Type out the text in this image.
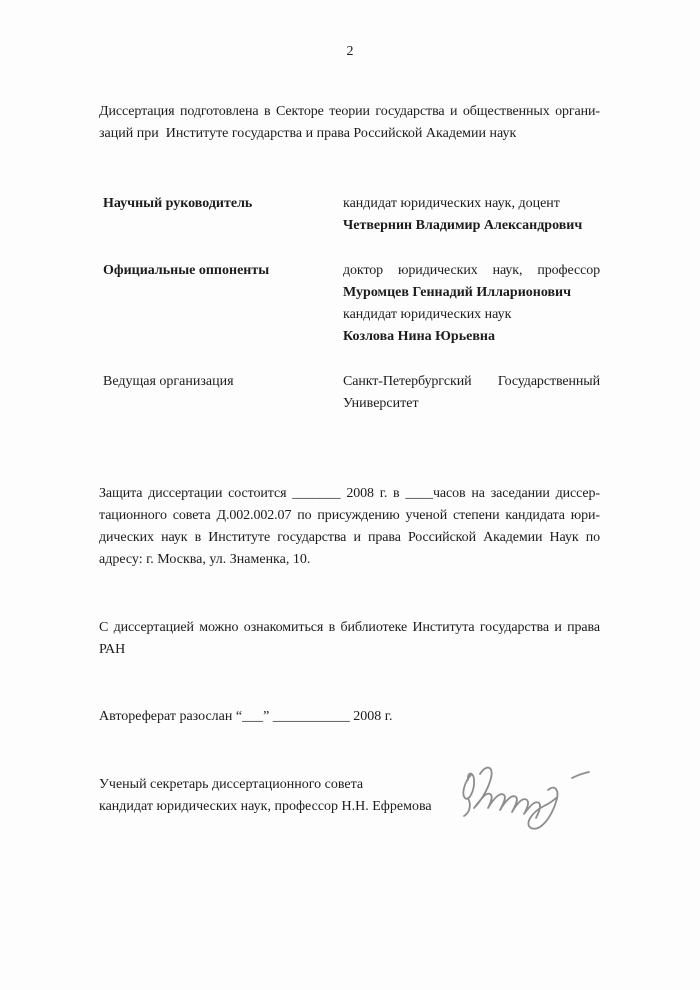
2
Диссертация подготовлена в Секторе теории государства и общественных органи-
заций при  Институте государства и права Российской Академии наук
Научный руководитель	кандидат юридических наук, доцент
Четвернин Владимир Александрович
Официальные оппоненты	доктор юридических наук, профессор
Муромцев Геннадий Илларионович
кандидат юридических наук
Козлова Нина Юрьевна
Ведущая организация	Санкт-Петербургский Государственный
Университет
Защита диссертации состоится _______ 2008 г. в ____часов на заседании диссер-
тационного совета Д.002.002.07 по присуждению ученой степени кандидата юри-
дических наук в Институте государства и права Российской Академии Наук по
адресу: г. Москва, ул. Знаменка, 10.
С диссертацией можно ознакомиться в библиотеке Института государства и права
РАН
Автореферат разослан “___” ___________ 2008 г.
Ученый секретарь диссертационного совета
кандидат юридических наук, профессор Н.Н. Ефремова
